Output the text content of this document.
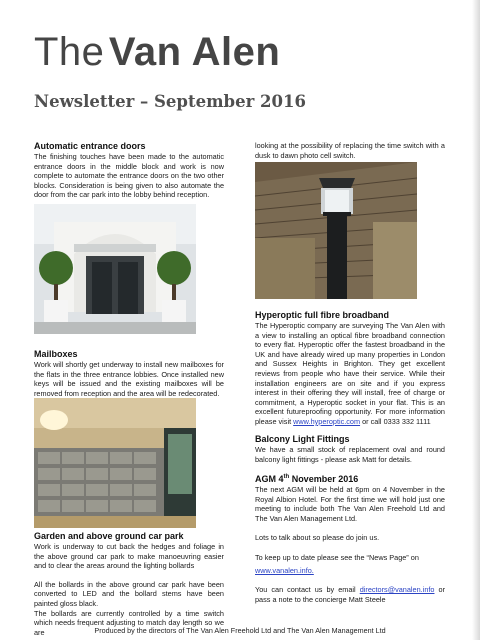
The Van Alen
Newsletter – September 2016
Automatic entrance doors

The finishing touches have been made to the automatic entrance doors in the middle block and work is now complete to automate the entrance doors on the two other blocks. Consideration is being given to also automate the door from the car park into the lobby behind reception.

Mailboxes

Work will shortly get underway to install new mailboxes for the flats in the three entrance lobbies. Once installed new keys will be issued and the existing mailboxes will be removed from reception and the area will be redecorated.

Garden and above ground car park

Work is underway to cut back the hedges and foliage in the above ground car park to make manoeuvring easier and to clear the areas around the lighting bollards

All the bollards in the above ground car park have been converted to LED and the bollard stems have been painted gloss black.

The bollards are currently controlled by a time switch which needs frequent adjusting to match day length so we are

looking at the possibility of replacing the time switch with a dusk to dawn photo cell switch.

Hyperoptic full fibre broadband

The Hyperoptic company are surveying The Van Alen with a view to installing an optical fibre broadband connection to every flat. Hyperoptic offer the fastest broadband in the UK and have already wired up many properties in London and Sussex Heights in Brighton. They get excellent reviews from people who have their service. While their installation engineers are on site and if you express interest in their offering they will install, free of charge or commitment, a Hyperoptic socket in your flat. This is an excellent futureproofing opportunity. For more information please visit www.hyperoptic.com or call 0333 332 1111

Balcony Light Fittings

We have a small stock of replacement oval and round balcony light fittings - please ask Matt for details.

AGM 4th November 2016

The next AGM will be held at 6pm on 4 November in the Royal Albion Hotel. For the first time we will hold just one meeting to include both The Van Alen Freehold Ltd and The Van Alen Management Ltd.

Lots to talk about so please do join us.

To keep up to date please see the “News Page” on

www.vanalen.info.

You can contact us by email directors@vanalen.info or pass a note to the concierge Matt Steele

Produced by the directors of The Van Alen Freehold Ltd and The Van Alen Management Ltd
